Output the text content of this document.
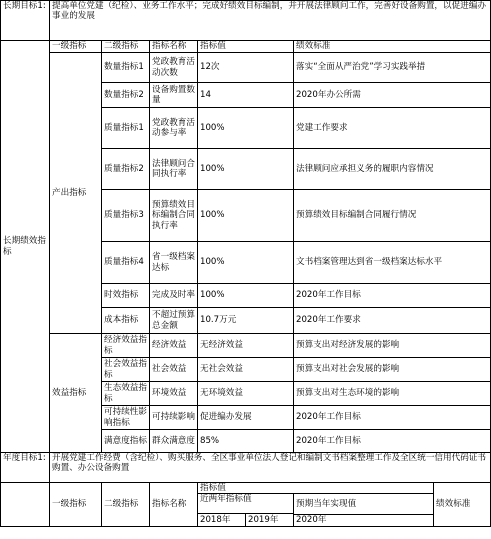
长期目标1:	提高单位党建（纪检）、业务工作水平；完成好绩效目标编制，并开展法律顾问工作，完善好设备购置，以促进编办事业的发展						
长期绩效指标	一级指标	二级指标	指标名称	指标值		绩效标准	
	产出指标	数量指标1	党政教育活动次数	12次		落实“全面从严治党”学习实践举措	
		数量指标2	设备购置数量	14		2020年办公所需	
		质量指标1	党政教育活动参与率	100%		党建工作要求	
		质量指标2	法律顾问合同执行率	100%		法律顾问应承担义务的履职内容情况	
		质量指标3	预算绩效目标编制合同执行率	100%		预算绩效目标编制合同履行情况	
		质量指标4	省一级档案达标	100%		文书档案管理达到省一级档案达标水平	
		时效指标	完成及时率	100%		2020年工作目标	
		成本指标	不超过预算总金额	10.7万元		2020年工作要求	
	效益指标	经济效益指标	经济效益	无经济效益		预算支出对经济发展的影响	
		社会效益指标	社会效益	无社会效益		预算支出对社会发展的影响	
		生态效益指标	环境效益	无环境效益		预算支出对生态环境的影响	
		可持续性影响指标	可持续影响	促进编办发展		2020年工作目标	
		满意度指标	群众满意度	85%		2020年工作目标	
年度目标1:	开展党建工作经费（含纪检）、购买服务、全区事业单位法人登记和编制文书档案整理工作及全区统一信用代码证书购置、办公设备购置						
	一级指标	二级指标	指标名称	指标值			绩效标准
				近两年指标值		预期当年实现值	
				2018年	2019年		
						2020年	
